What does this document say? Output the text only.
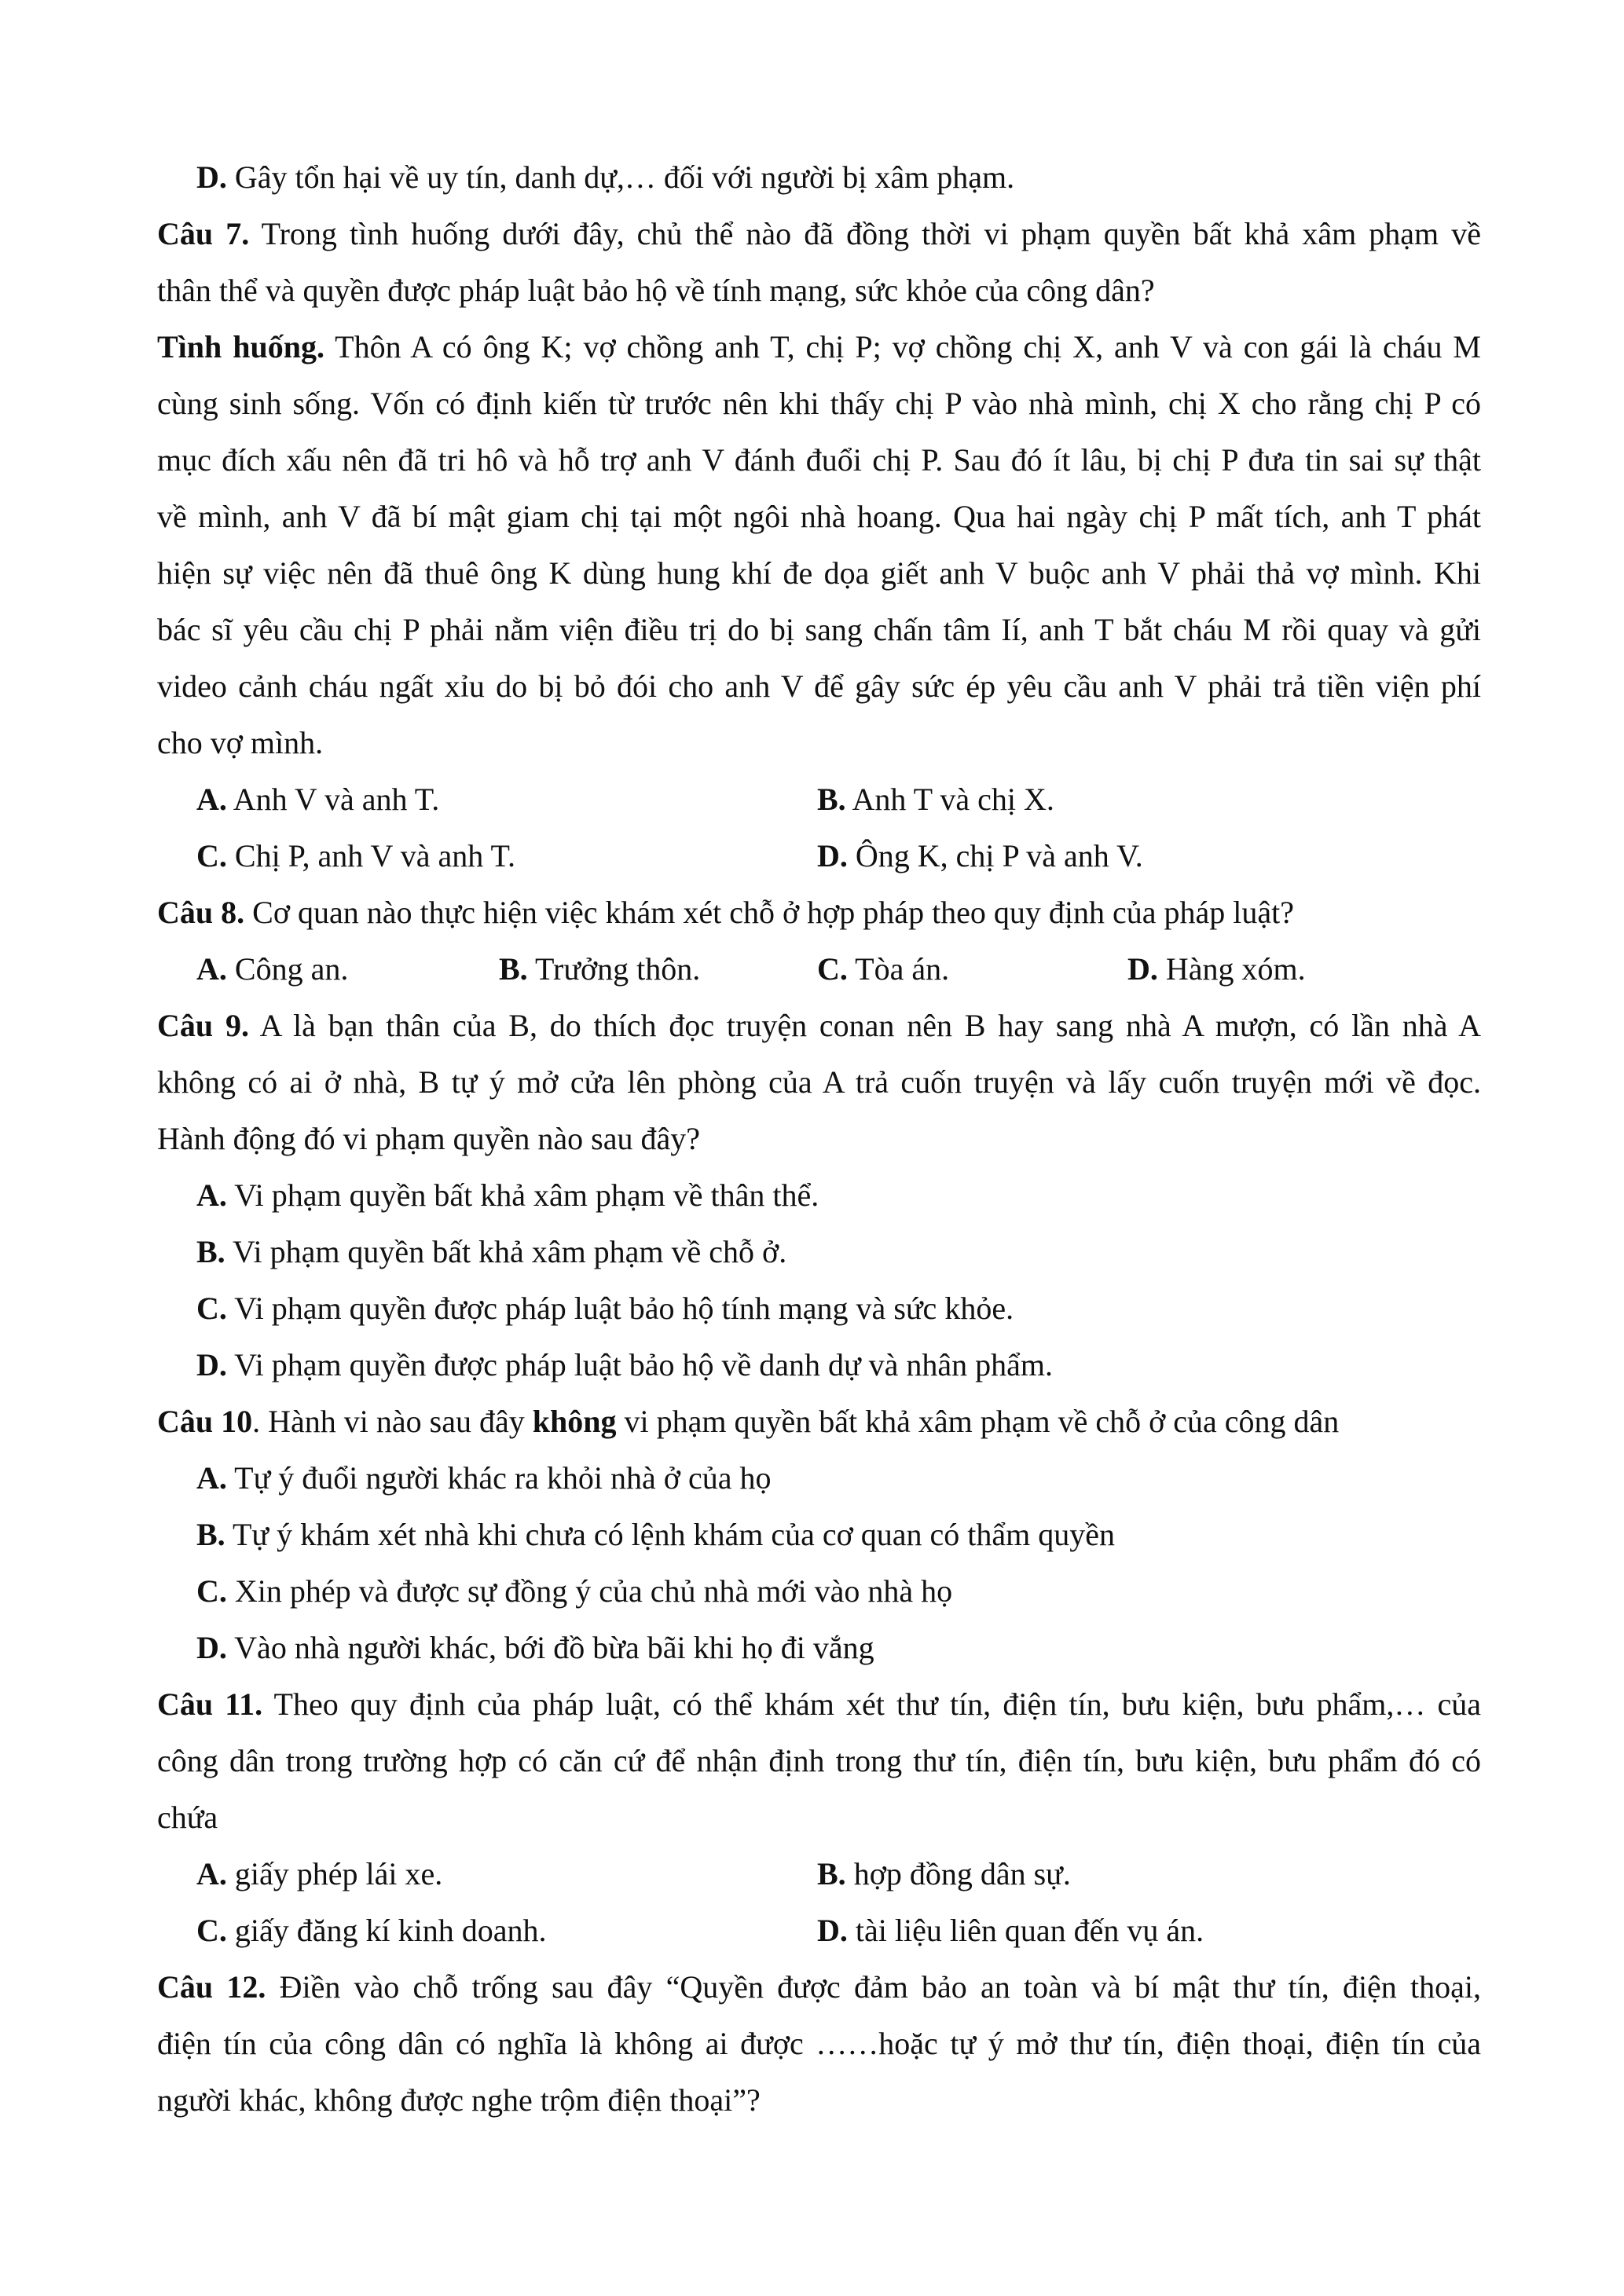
D. Gây tổn hại về uy tín, danh dự,… đối với người bị xâm phạm.

Câu 7. Trong tình huống dưới đây, chủ thể nào đã đồng thời vi phạm quyền bất khả xâm phạm về

thân thể và quyền được pháp luật bảo hộ về tính mạng, sức khỏe của công dân?

Tình huống. Thôn A có ông K; vợ chồng anh T, chị P; vợ chồng chị X, anh V và con gái là cháu M

cùng sinh sống. Vốn có định kiến từ trước nên khi thấy chị P vào nhà mình, chị X cho rằng chị P có

mục đích xấu nên đã tri hô và hỗ trợ anh V đánh đuổi chị P. Sau đó ít lâu, bị chị P đưa tin sai sự thật

về mình, anh V đã bí mật giam chị tại một ngôi nhà hoang. Qua hai ngày chị P mất tích, anh T phát

hiện sự việc nên đã thuê ông K dùng hung khí đe dọa giết anh V buộc anh V phải thả vợ mình. Khi

bác sĩ yêu cầu chị P phải nằm viện điều trị do bị sang chấn tâm Ií, anh T bắt cháu M rồi quay và gửi

video cảnh cháu ngất xỉu do bị bỏ đói cho anh V để gây sức ép yêu cầu anh V phải trả tiền viện phí

cho vợ mình.

A. Anh V và anh T.	B. Anh T và chị X.
C. Chị P, anh V và anh T.	D. Ông K, chị P và anh V.

Câu 8. Cơ quan nào thực hiện việc khám xét chỗ ở hợp pháp theo quy định của pháp luật?

A. Công an.	B. Trưởng thôn.	C. Tòa án.	D. Hàng xóm.

Câu 9. A là bạn thân của B, do thích đọc truyện conan nên B hay sang nhà A mượn, có lần nhà A

không có ai ở nhà, B tự ý mở cửa lên phòng của A trả cuốn truyện và lấy cuốn truyện mới về đọc.

Hành động đó vi phạm quyền nào sau đây?

A. Vi phạm quyền bất khả xâm phạm về thân thể.

B. Vi phạm quyền bất khả xâm phạm về chỗ ở.

C. Vi phạm quyền được pháp luật bảo hộ tính mạng và sức khỏe.

D. Vi phạm quyền được pháp luật bảo hộ về danh dự và nhân phẩm.

Câu 10. Hành vi nào sau đây không vi phạm quyền bất khả xâm phạm về chỗ ở của công dân

A. Tự ý đuổi người khác ra khỏi nhà ở của họ

B. Tự ý khám xét nhà khi chưa có lệnh khám của cơ quan có thẩm quyền

C. Xin phép và được sự đồng ý của chủ nhà mới vào nhà họ

D. Vào nhà người khác, bới đồ bừa bãi khi họ đi vắng

Câu 11. Theo quy định của pháp luật, có thể khám xét thư tín, điện tín, bưu kiện, bưu phẩm,… của

công dân trong trường hợp có căn cứ để nhận định trong thư tín, điện tín, bưu kiện, bưu phẩm đó có

chứa

A. giấy phép lái xe.	B. hợp đồng dân sự.
C. giấy đăng kí kinh doanh.	D. tài liệu liên quan đến vụ án.

Câu 12. Điền vào chỗ trống sau đây “Quyền được đảm bảo an toàn và bí mật thư tín, điện thoại,

điện tín của công dân có nghĩa là không ai được ……hoặc tự ý mở thư tín, điện thoại, điện tín của

người khác, không được nghe trộm điện thoại”?
